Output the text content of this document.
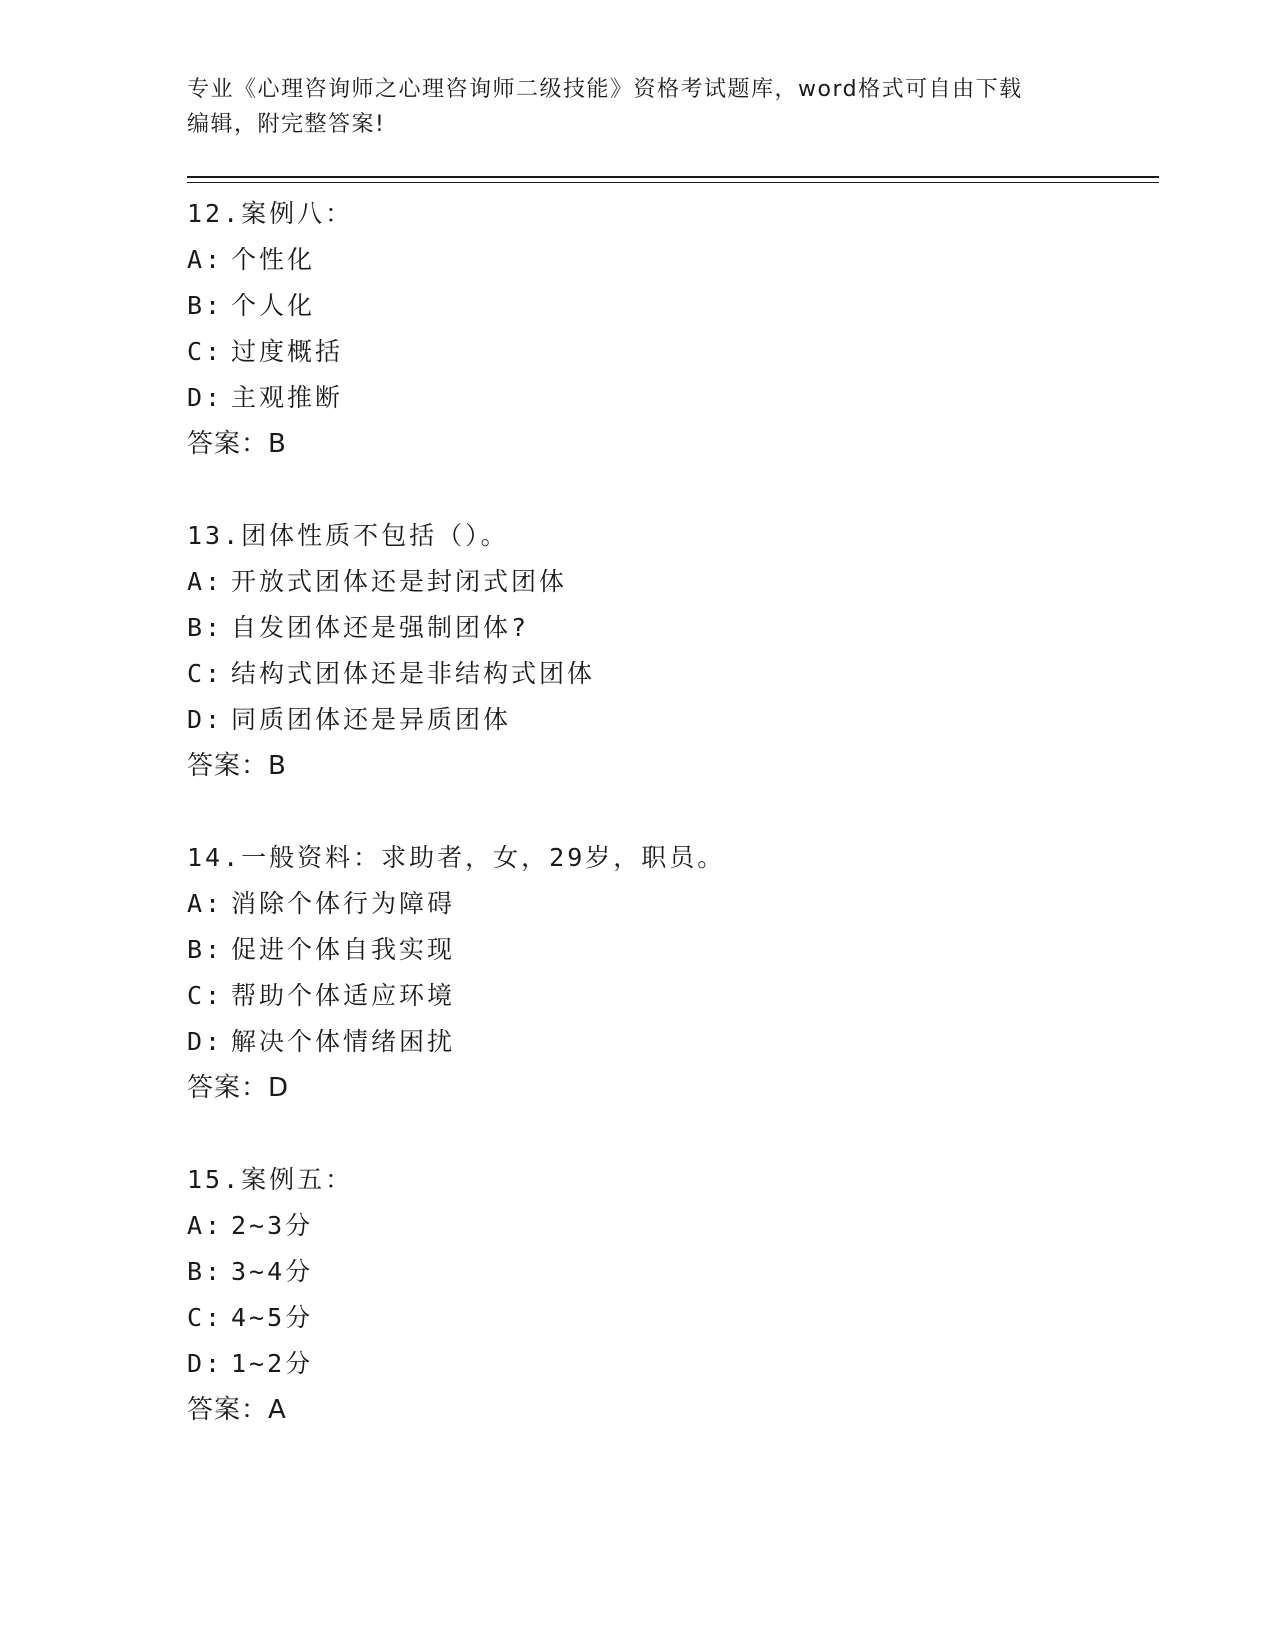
专业《心理咨询师之心理咨询师二级技能》资格考试题库，word格式可自由下载
编辑，附完整答案!
12.案例八：
A: 个性化
B: 个人化
C: 过度概括
D: 主观推断
答案：B
13.团体性质不包括（）。
A: 开放式团体还是封闭式团体
B: 自发团体还是强制团体?
C: 结构式团体还是非结构式团体
D: 同质团体还是异质团体
答案：B
14.一般资料：求助者，女，29岁，职员。
A: 消除个体行为障碍
B: 促进个体自我实现
C: 帮助个体适应环境
D: 解决个体情绪困扰
答案：D
15.案例五：
A: 2~3分
B: 3~4分
C: 4~5分
D: 1~2分
答案：A
